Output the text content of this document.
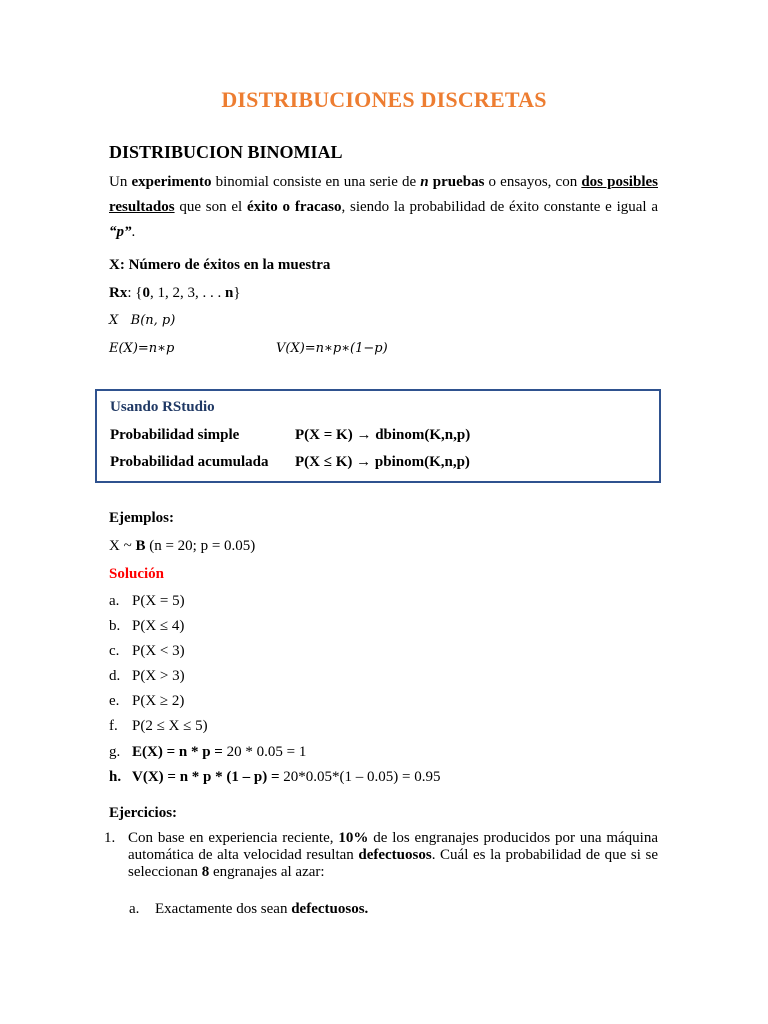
DISTRIBUCIONES DISCRETAS
DISTRIBUCION BINOMIAL
Un experimento binomial consiste en una serie de n pruebas o ensayos, con dos posibles resultados que son el éxito o fracaso, siendo la probabilidad de éxito constante e igual a “p”.
X: Número de éxitos en la muestra
Rx: {0, 1, 2, 3, . . . n}
X   B(n, p)
E(X)=n∗p	V(X)=n∗p∗(1−p)
Usando RStudio
Probabilidad simple	P(X = K) → dbinom(K,n,p)
Probabilidad acumulada P(X ≤ K) → pbinom(K,n,p)
Ejemplos:
X ~ B (n = 20; p = 0.05)
Solución
a. P(X = 5)
b. P(X ≤ 4)
c. P(X < 3)
d. P(X > 3)
e. P(X ≥ 2)
f. P(2 ≤ X ≤ 5)
g. E(X) = n * p = 20 * 0.05 = 1
h. V(X) = n * p * (1 – p) = 20*0.05*(1 – 0.05) = 0.95
Ejercicios:
1. Con base en experiencia reciente, 10% de los engranajes producidos por una máquina automática de alta velocidad resultan defectuosos. Cuál es la probabilidad de que si se seleccionan 8 engranajes al azar:
a. Exactamente dos sean defectuosos.
